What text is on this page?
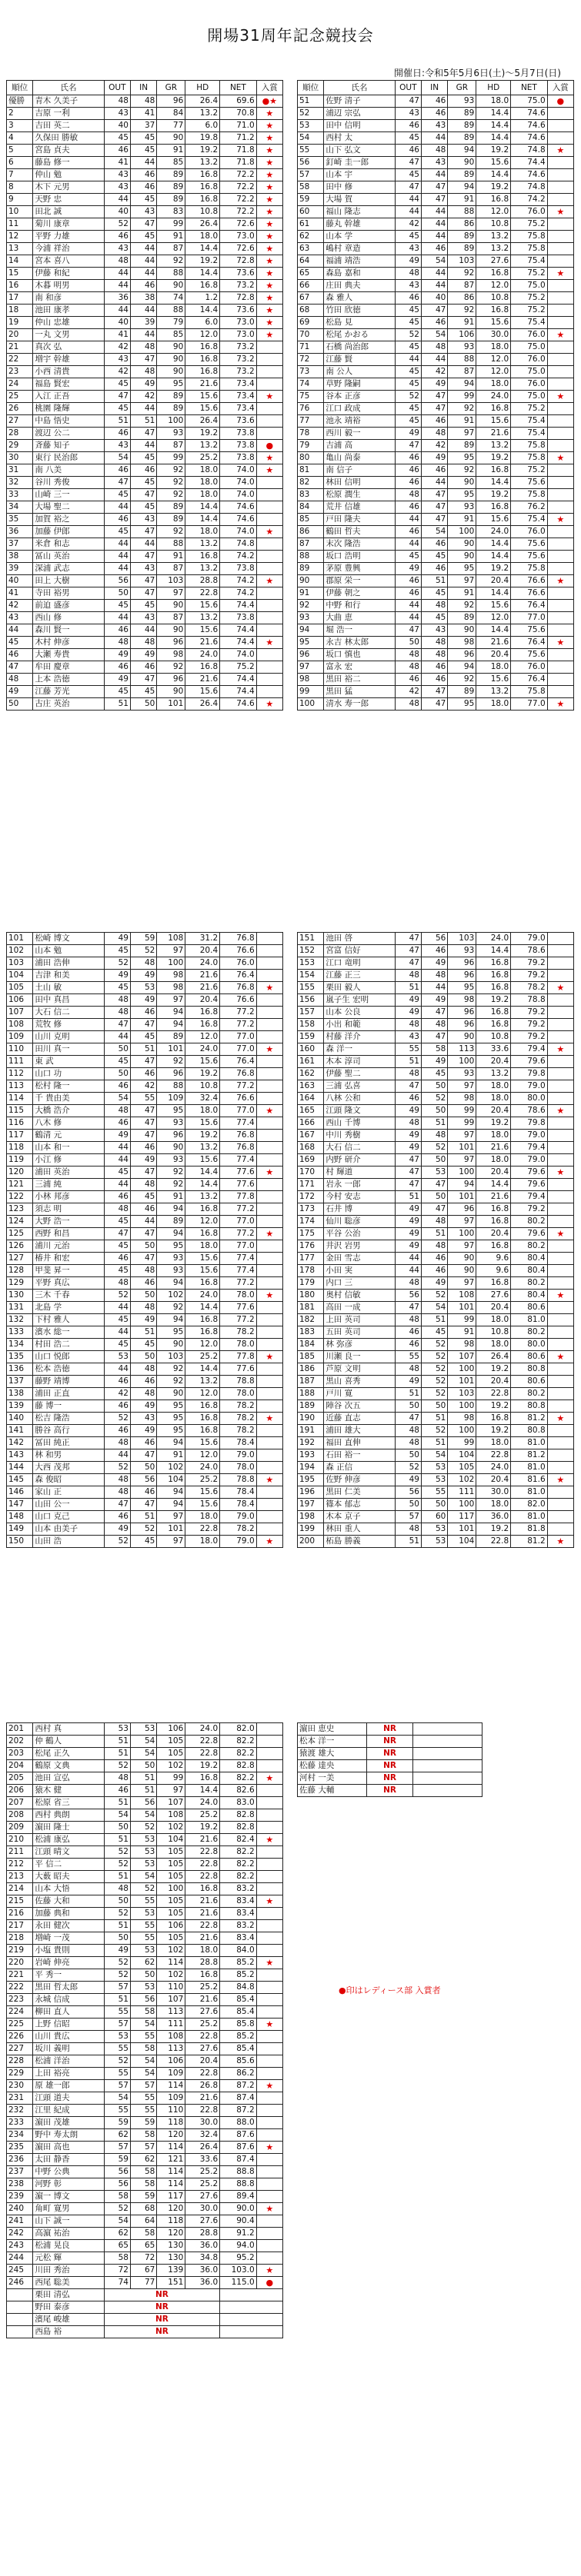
開場31周年記念競技会
開催日:令和5年5月6日(土)～5月7日(日)
順位	氏名	OUT	IN	GR	HD	NET	入賞
優勝	青木 久美子	48	48	96	26.4	69.6	●★
2	吉原 一利	43	41	84	13.2	70.8	★
3	吉田 英二	40	37	77	6.0	71.0	★
4	久保田 勝敏	45	45	90	19.8	71.2	★
5	宮島 貞夫	46	45	91	19.2	71.8	★
6	藤島 修一	41	44	85	13.2	71.8	★
7	仲山 勉	43	46	89	16.8	72.2	★
8	木下 元男	43	46	89	16.8	72.2	★
9	天野 忠	44	45	89	16.8	72.2	★
10	田北 誠	40	43	83	10.8	72.2	★
11	菊川 康章	52	47	99	26.4	72.6	★
12	平野 力雄	46	45	91	18.0	73.0	★
13	今浦 祥治	43	44	87	14.4	72.6	★
14	宮本 喜八	48	44	92	19.2	72.8	★
15	伊藤 和紀	44	44	88	14.4	73.6	★
16	木暮 明男	44	46	90	16.8	73.2	★
17	南 和彦	36	38	74	1.2	72.8	★
18	池田 康孝	44	44	88	14.4	73.6	★
19	仲山 忠雄	40	39	79	6.0	73.0	★
20	一丸 文男	41	44	85	12.0	73.0	★
21	真次 弘	42	48	90	16.8	73.2	
22	増宇 幹雄	43	47	90	16.8	73.2	
23	小西 清貴	42	48	90	16.8	73.2	
24	福島 賢宏	45	49	95	21.6	73.4	
25	入江 正吾	47	42	89	15.6	73.4	★
26	桃園 隆輝	45	44	89	15.6	73.4	
27	中島 悟史	51	51	100	26.4	73.6	
28	渡辺 公二	46	47	93	19.2	73.8	
29	斉藤 知子	43	44	87	13.2	73.8	●
30	東行 民治郎	54	45	99	25.2	73.8	★
31	南 八美	46	46	92	18.0	74.0	★
32	谷川 秀俊	47	45	92	18.0	74.0	
33	山崎 三一	45	47	92	18.0	74.0	
34	大場 聖二	44	45	89	14.4	74.6	
35	加賀 裕之	46	43	89	14.4	74.6	
36	加藤 伊郎	45	47	92	18.0	74.0	★
37	米倉 和志	44	44	88	13.2	74.8	
38	冨山 英治	44	47	91	16.8	74.2	
39	深浦 武志	44	43	87	13.2	73.8	
40	田上 大樹	56	47	103	28.8	74.2	★
41	寺田 裕男	50	47	97	22.8	74.2	
42	前迫 盛彦	45	45	90	15.6	74.4	
43	西山 修	44	43	87	13.2	73.8	
44	森川 賢一	46	44	90	15.6	74.4	
45	木村 伸彦	48	48	96	21.6	74.4	★
46	大瀬 寿貴	49	49	98	24.0	74.0	
47	牟田 慶章	46	46	92	16.8	75.2	
48	上本 浩徳	49	47	96	21.6	74.4	
49	江藤 芳光	45	45	90	15.6	74.4	
50	古庄 英治	51	50	101	26.4	74.6	★
順位	氏名	OUT	IN	GR	HD	NET	入賞
51	佐野 清子	47	46	93	18.0	75.0	●
52	浦辺 宗弘	43	46	89	14.4	74.6	
53	田中 信明	46	43	89	14.4	74.6	
54	西村 太	45	44	89	14.4	74.6	
55	山下 弘文	46	48	94	19.2	74.8	★
56	釘崎 圭一郎	47	43	90	15.6	74.4	
57	山本 宇	45	44	89	14.4	74.6	
58	田中 修	47	47	94	19.2	74.8	
59	大場 賀	44	47	91	16.8	74.2	
60	福山 隆志	44	44	88	12.0	76.0	★
61	藤丸 幹雄	42	44	86	10.8	75.2	
62	山本 学	45	44	89	13.2	75.8	
63	嶋村 章造	43	46	89	13.2	75.8	
64	福浦 靖浩	49	54	103	27.6	75.4	
65	森島 嘉和	48	44	92	16.8	75.2	★
66	庄田 典夫	43	44	87	12.0	75.0	
67	森 雅人	46	40	86	10.8	75.2	
68	竹田 欣徳	45	47	92	16.8	75.2	
69	松島 見	45	46	91	15.6	75.4	
70	松尾 かおる	52	54	106	30.0	76.0	★
71	石橋 尚治郎	45	48	93	18.0	75.0	
72	江藤 賢	44	44	88	12.0	76.0	
73	南 公人	45	42	87	12.0	75.0	
74	草野 隆嗣	45	49	94	18.0	76.0	
75	谷本 正彦	52	47	99	24.0	75.0	★
76	江口 政成	45	47	92	16.8	75.2	
77	池永 靖裕	45	46	91	15.6	75.4	
78	西川 毅一	49	48	97	21.6	75.4	
79	吉浦 高	47	42	89	13.2	75.8	
80	亀山 尚泰	46	49	95	19.2	75.8	★
81	南 信子	46	46	92	16.8	75.2	
82	林田 信明	46	44	90	14.4	75.6	
83	松原 潤生	48	47	95	19.2	75.8	
84	荒井 信雄	46	47	93	16.8	76.2	
85	戸田 隆夫	44	47	91	15.6	75.4	★
86	鶴田 哲夫	46	54	100	24.0	76.0	
87	末次 隆浩	44	46	90	14.4	75.6	
88	坂口 浩明	45	45	90	14.4	75.6	
89	茅原 豊興	49	46	95	19.2	75.8	
90	郡原 栄一	46	51	97	20.4	76.6	★
91	伊藤 朝之	46	45	91	14.4	76.6	
92	中野 和行	44	48	92	15.6	76.4	
93	大曲 恵	44	45	89	12.0	77.0	
94	堀 浩一	47	43	90	14.4	75.6	
95	永吉 林太郎	50	48	98	21.6	76.4	★
96	坂口 慎也	48	48	96	20.4	75.6	
97	富永 宏	48	46	94	18.0	76.0	
98	黒田 裕二	46	46	92	15.6	76.4	
99	黒田 猛	42	47	89	13.2	75.8	
100	清水 寿一郎	48	47	95	18.0	77.0	★
101	松崎 博文	49	59	108	31.2	76.8	
102	山本 勉	45	52	97	20.4	76.6	
103	浦田 浩伸	52	48	100	24.0	76.0	
104	吉津 和美	49	49	98	21.6	76.4	
105	土山 敏	45	53	98	21.6	76.8	★
106	田中 真昌	48	49	97	20.4	76.6	
107	大石 信二	48	46	94	16.8	77.2	
108	荒牧 修	47	47	94	16.8	77.2	
109	山川 克明	44	45	89	12.0	77.0	
110	田川 真一	50	51	101	24.0	77.0	★
111	東 武	45	47	92	15.6	76.4	
112	山口 功	50	46	96	19.2	76.8	
113	松村 隆一	46	42	88	10.8	77.2	
114	千 貴由美	54	55	109	32.4	76.6	
115	大橋 浩介	48	47	95	18.0	77.0	★
116	八木 修	46	47	93	15.6	77.4	
117	鶴清 元	49	47	96	19.2	76.8	
118	山本 和一	44	46	90	13.2	76.8	
119	小江 修	44	49	93	15.6	77.4	
120	浦田 英治	45	47	92	14.4	77.6	★
121	三浦 純	44	48	92	14.4	77.6	
122	小林 邦彦	46	45	91	13.2	77.8	
123	須志 明	48	46	94	16.8	77.2	
124	大野 浩一	45	44	89	12.0	77.0	
125	西野 和昌	47	47	94	16.8	77.2	★
126	浦川 元治	45	50	95	18.0	77.0	
127	椿井 和宏	46	47	93	15.6	77.4	
128	甲斐 昇一	45	48	93	15.6	77.4	
129	平野 真広	48	46	94	16.8	77.2	
130	三木 千春	52	50	102	24.0	78.0	★
131	北島 学	44	48	92	14.4	77.6	
132	下村 雅人	45	49	94	16.8	77.2	
133	濱水 総一	44	51	95	16.8	78.2	
134	村田 浩二	45	45	90	12.0	78.0	
135	山口 悦郎	53	50	103	25.2	77.8	★
136	松本 浩徳	44	48	92	14.4	77.6	
137	藤野 靖博	46	46	92	13.2	78.8	
138	浦田 正直	42	48	90	12.0	78.0	
139	藤 博一	46	49	95	16.8	78.2	
140	松吉 隆浩	52	43	95	16.8	78.2	★
141	勝谷 高行	46	49	95	16.8	78.2	
142	冨田 純正	48	46	94	15.6	78.4	
143	林 和男	44	47	91	12.0	79.0	
144	大西 茂邦	52	50	102	24.0	78.0	
145	森 俊昭	48	56	104	25.2	78.8	★
146	家山 正	48	46	94	15.6	78.4	
147	山田 公一	47	47	94	15.6	78.4	
148	山口 克己	46	51	97	18.0	79.0	
149	山本 由美子	49	52	101	22.8	78.2	
150	山田 浩	52	45	97	18.0	79.0	★
151	池田 啓	47	56	103	24.0	79.0	
152	宮富 信好	47	46	93	14.4	78.6	
153	江口 竜明	47	49	96	16.8	79.2	
154	江藤 正三	48	48	96	16.8	79.2	
155	栗田 毅人	51	44	95	16.8	78.2	★
156	嵐子生 宏明	49	49	98	19.2	78.8	
157	山本 公良	49	47	96	16.8	79.2	
158	小出 和範	48	48	96	16.8	79.2	
159	村藤 洋介	43	47	90	10.8	79.2	
160	森 洋一	55	58	113	33.6	79.4	★
161	木本 淳司	51	49	100	20.4	79.6	
162	伊藤 聖二	48	45	93	13.2	79.8	
163	三浦 弘喜	47	50	97	18.0	79.0	
164	八林 公和	46	52	98	18.0	80.0	
165	江頭 隆文	49	50	99	20.4	78.6	★
166	西山 千博	48	51	99	19.2	79.8	
167	中川 秀樹	49	48	97	18.0	79.0	
168	大石 信二	49	52	101	21.6	79.4	
169	内野 研介	47	50	97	18.0	79.0	
170	村 輝道	47	53	100	20.4	79.6	★
171	岩永 一郎	47	47	94	14.4	79.6	
172	今村 安志	51	50	101	21.6	79.4	
173	石井 博	49	47	96	16.8	79.2	
174	仙川 聡彦	49	48	97	16.8	80.2	
175	平谷 公治	49	51	100	20.4	79.6	★
176	井沢 岩男	49	48	97	16.8	80.2	
177	金田 雪志	44	46	90	9.6	80.4	
178	小田 実	44	46	90	9.6	80.4	
179	内口 三	48	49	97	16.8	80.2	
180	奥村 信敏	56	52	108	27.6	80.4	★
181	高田 一成	47	54	101	20.4	80.6	
182	上田 英司	48	51	99	18.0	81.0	
183	五田 英司	46	45	91	10.8	80.2	
184	林 弥彦	46	52	98	18.0	80.0	
185	川瀬 良一	55	52	107	26.4	80.6	★
186	芦原 文明	48	52	100	19.2	80.8	
187	黒山 喜秀	49	52	101	20.4	80.6	
188	戸川 寛	51	52	103	22.8	80.2	
189	陣谷 次五	50	50	100	19.2	80.8	
190	近藤 直志	47	51	98	16.8	81.2	★
191	浦田 雄大	48	52	100	19.2	80.8	
192	福田 直伸	48	51	99	18.0	81.0	
193	石田 裕一	50	54	104	22.8	81.2	
194	森 正信	52	53	105	24.0	81.0	
195	佐野 伸彦	49	53	102	20.4	81.6	★
196	黒田 仁美	56	55	111	30.0	81.0	
197	篠本 郁志	50	50	100	18.0	82.0	
198	木本 京子	57	60	117	36.0	81.0	
199	林田 重人	48	53	101	19.2	81.8	
200	柘島 勝義	51	53	104	22.8	81.2	★
201	西村 真	53	53	106	24.0	82.0	
202	仲 鶴人	51	54	105	22.8	82.2	
203	松尾 正久	51	54	105	22.8	82.2	
204	鶴原 文典	52	50	102	19.2	82.8	
205	池田 宣弘	48	51	99	16.8	82.2	★
206	猿木 健	46	51	97	14.4	82.6	
207	松原 省三	51	56	107	24.0	83.0	
208	西村 典朗	54	54	108	25.2	82.8	
209	濵田 隆士	50	52	102	19.2	82.8	
210	松浦 康弘	51	53	104	21.6	82.4	★
211	江頭 晴文	52	53	105	22.8	82.2	
212	平 信二	52	53	105	22.8	82.2	
213	大薮 昭夫	51	54	105	22.8	82.2	
214	山本 大悟	48	52	100	16.8	83.2	
215	佐藤 大和	50	55	105	21.6	83.4	★
216	加藤 典和	52	53	105	21.6	83.4	
217	永田 健次	51	55	106	22.8	83.2	
218	増崎 一茂	50	55	105	21.6	83.4	
219	小塩 貴則	49	53	102	18.0	84.0	
220	岩崎 伸亮	52	62	114	28.8	85.2	★
221	平 秀一	52	50	102	16.8	85.2	
222	黒田 哲太郎	57	53	110	25.2	84.8	
223	永城 信成	51	56	107	21.6	85.4	
224	柳田 直人	55	58	113	27.6	85.4	
225	上野 信昭	57	54	111	25.2	85.8	★
226	山川 貴広	53	55	108	22.8	85.2	
227	坂川 義明	55	58	113	27.6	85.4	
228	松浦 洋治	52	54	106	20.4	85.6	
229	上田 裕亮	55	54	109	22.8	86.2	
230	原 雄一郎	57	57	114	26.8	87.2	★
231	江頭 道夫	54	55	109	21.6	87.4	
232	江里 紀成	55	55	110	22.8	87.2	
233	濵田 茂雄	59	59	118	30.0	88.0	
234	野中 寿太朗	62	58	120	32.4	87.6	
235	濵田 高也	57	57	114	26.4	87.6	★
236	太田 静香	59	62	121	33.6	87.4	
237	中野 公典	56	58	114	25.2	88.8	
238	河野 彰	56	58	114	25.2	88.8	
239	濵一 博文	58	59	117	27.6	89.4	
240	角町 寛男	52	68	120	30.0	90.0	★
241	山下 誠一	54	64	118	27.6	90.4	
242	高濵 祐治	62	58	120	28.8	91.2	
243	松浦 晃良	65	65	130	36.0	94.0	
244	元松 輝	58	72	130	34.8	95.2	
245	川田 秀治	72	67	139	36.0	103.0	★
246	西尾 聡美	74	77	151	36.0	115.0	●
	栗田 清弘	NR					
	野田 泰彦	NR					
	濱尾 峻雄	NR					
	西島 裕	NR					
濵田 恵史	NR	
松本 洋一	NR	
猿渡 雄大	NR	
松藤 達央	NR	
河村 一美	NR	
佐藤 大輔	NR	
●印はレディース部 入賞者
